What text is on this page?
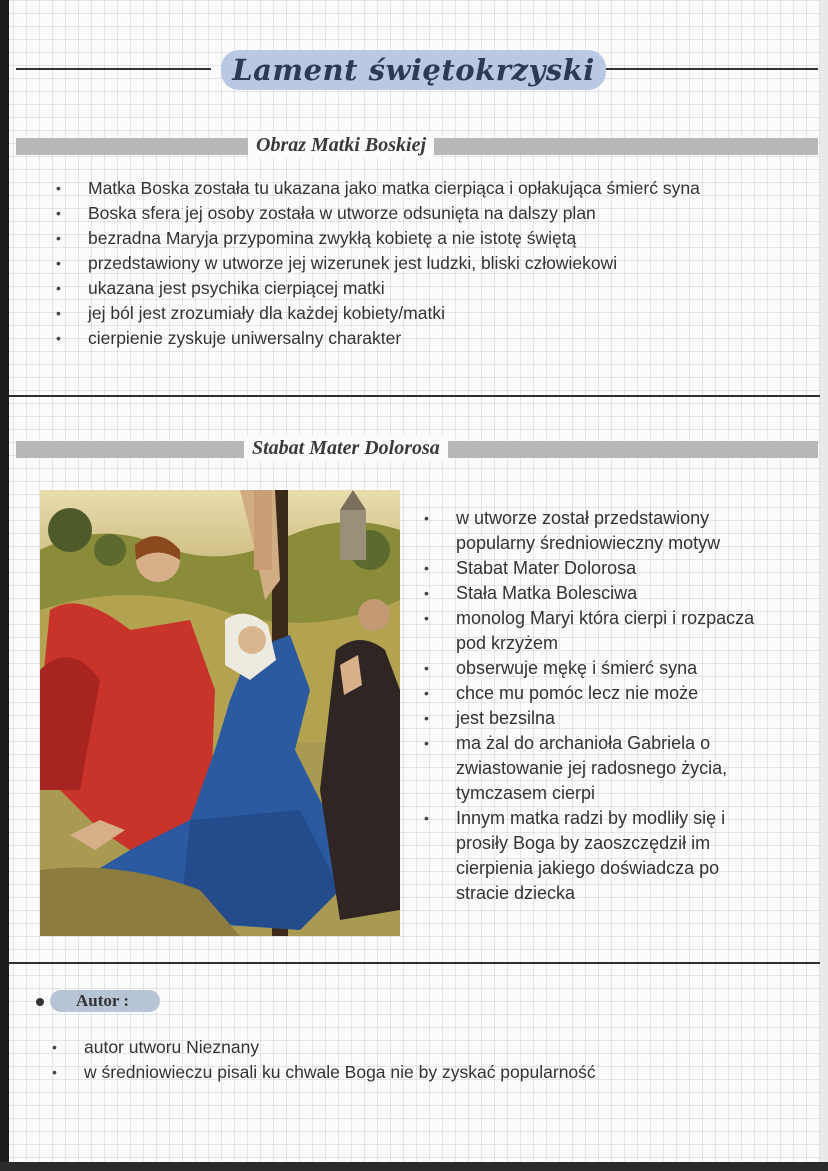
Lament świętokrzyski
Obraz Matki Boskiej
• Matka Boska została tu ukazana jako matka cierpiąca i opłakująca śmierć syna
• Boska sfera jej osoby została w utworze odsunięta na dalszy plan
• bezradna Maryja przypomina zwykłą kobietę a nie istotę świętą
• przedstawiony w utworze jej wizerunek jest ludzki, bliski człowiekowi
• ukazana jest psychika cierpiącej matki
• jej ból jest zrozumiały dla każdej kobiety/matki
• cierpienie zyskuje uniwersalny charakter
Stabat Mater Dolorosa
• w utworze został przedstawiony popularny średniowieczny motyw
• Stabat Mater Dolorosa
• Stała Matka Bolesciwa
• monolog Maryi która cierpi i rozpacza pod krzyżem
• obserwuje mękę i śmierć syna
• chce mu pomóc lecz nie może
• jest bezsilna
• ma żal do archanioła Gabriela o zwiastowanie jej radosnego życia, tymczasem cierpi
• Innym matka radzi by modliły się i prosiły Boga by zaoszczędził im cierpienia jakiego doświadcza po stracie dziecka
Autor :
• autor utworu Nieznany
• w średniowieczu pisali ku chwale Boga nie by zyskać popularność
